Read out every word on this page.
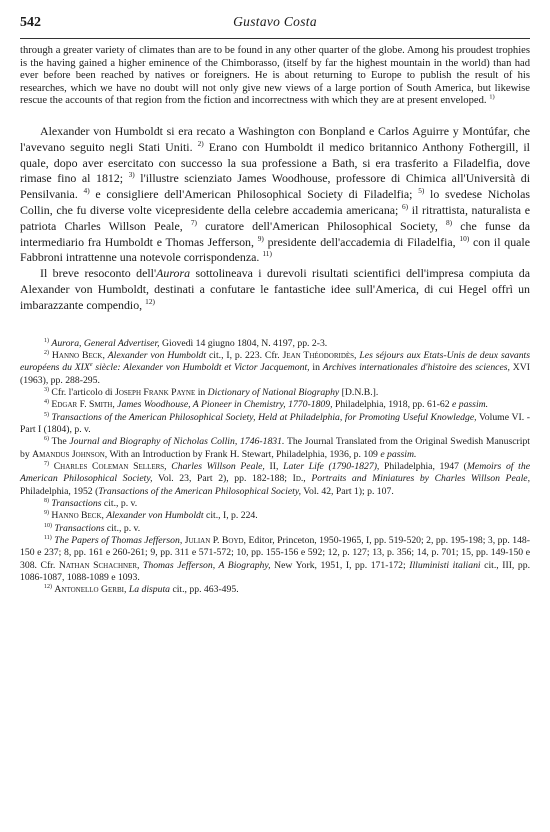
542	Gustavo Costa

through a greater variety of climates than are to be found in any other quarter of the globe. Among his proudest trophies is the having gained a higher eminence of the Chimborasso, (itself by far the highest mountain in the world) than had ever before been reached by natives or foreigners. He is about returning to Europe to publish the result of his researches, which we have no doubt will not only give new views of a large portion of South America, but likewise rescue the accounts of that region from the fiction and incorrectness with which they are at present enveloped. $^{1)}$

Alexander von Humboldt si era recato a Washington con Bonpland e Carlos Aguirre y Montúfar, che l'avevano seguito negli Stati Uniti. $^{2)}$ Erano con Humboldt il medico britannico Anthony Fothergill, il quale, dopo aver esercitato con successo la sua professione a Bath, si era trasferito a Filadelfia, dove rimase fino al 1812; $^{3)}$ l'illustre scienziato James Woodhouse, professore di Chimica all'Università di Pensilvania. $^{4)}$ e consigliere dell'American Philosophical Society di Filadelfia; $^{5)}$ lo svedese Nicholas Collin, che fu diverse volte vicepresidente della celebre accademia americana; $^{6)}$ il ritrattista, naturalista e patriota Charles Willson Peale, $^{7)}$ curatore dell'American Philosophical Society, $^{8)}$ che funse da intermediario fra Humboldt e Thomas Jefferson, $^{9)}$ presidente dell'accademia di Filadelfia, $^{10)}$ con il quale Fabbroni intrattenne una notevole corrispondenza. $^{11)}$

Il breve resoconto dell'Aurora sottolineava i durevoli risultati scientifici dell'impresa compiuta da Alexander von Humboldt, destinati a confutare le fantastiche idee sull'America, di cui Hegel offrì un imbarazzante compendio, $^{12)}$

$^{1)}$ Aurora, General Advertiser, Giovedì 14 giugno 1804, N. 4197, pp. 2-3.

$^{2)}$ Hanno Beck, Alexander von Humboldt cit., I, p. 223. Cfr. Jean Théodoridès, Les séjours aux Etats-Unis de deux savants européens du XIXe siècle: Alexander von Humboldt et Victor Jacquemont, in Archives internationales d'histoire des sciences, XVI (1963), pp. 288-295.

$^{3)}$ Cfr. l'articolo di Joseph Frank Payne in Dictionary of National Biography [D.N.B.].

$^{4)}$ Edgar F. Smith, James Woodhouse, A Pioneer in Chemistry, 1770-1809, Philadelphia, 1918, pp. 61-62 e passim.

$^{5)}$ Transactions of the American Philosophical Society, Held at Philadelphia, for Promoting Useful Knowledge, Volume VI. - Part I (1804), p. v.

$^{6)}$ The Journal and Biography of Nicholas Collin, 1746-1831. The Journal Translated from the Original Swedish Manuscript by Amandus Johnson, With an Introduction by Frank H. Stewart, Philadelphia, 1936, p. 109 e passim.

$^{7)}$ Charles Coleman Sellers, Charles Willson Peale, II, Later Life (1790-1827), Philadelphia, 1947 (Memoirs of the American Philosophical Society, Vol. 23, Part 2), pp. 182-188; Id., Portraits and Miniatures by Charles Willson Peale, Philadelphia, 1952 (Transactions of the American Philosophical Society, Vol. 42, Part 1); p. 107.

$^{8)}$ Transactions cit., p. v.

$^{9)}$ Hanno Beck, Alexander von Humboldt cit., I, p. 224.

$^{10)}$ Transactions cit., p. v.

$^{11)}$ The Papers of Thomas Jefferson, Julian P. Boyd, Editor, Princeton, 1950-1965, I, pp. 519-520; 2, pp. 195-198; 3, pp. 148-150 e 237; 8, pp. 161 e 260-261; 9, pp. 311 e 571-572; 10, pp. 155-156 e 592; 12, p. 127; 13, p. 356; 14, p. 701; 15, pp. 149-150 e 308. Cfr. Nathan Schachner, Thomas Jefferson, A Biography, New York, 1951, I, pp. 171-172; Illuministi italiani cit., III, pp. 1086-1087, 1088-1089 e 1093.

$^{12)}$ Antonello Gerbi, La disputa cit., pp. 463-495.
